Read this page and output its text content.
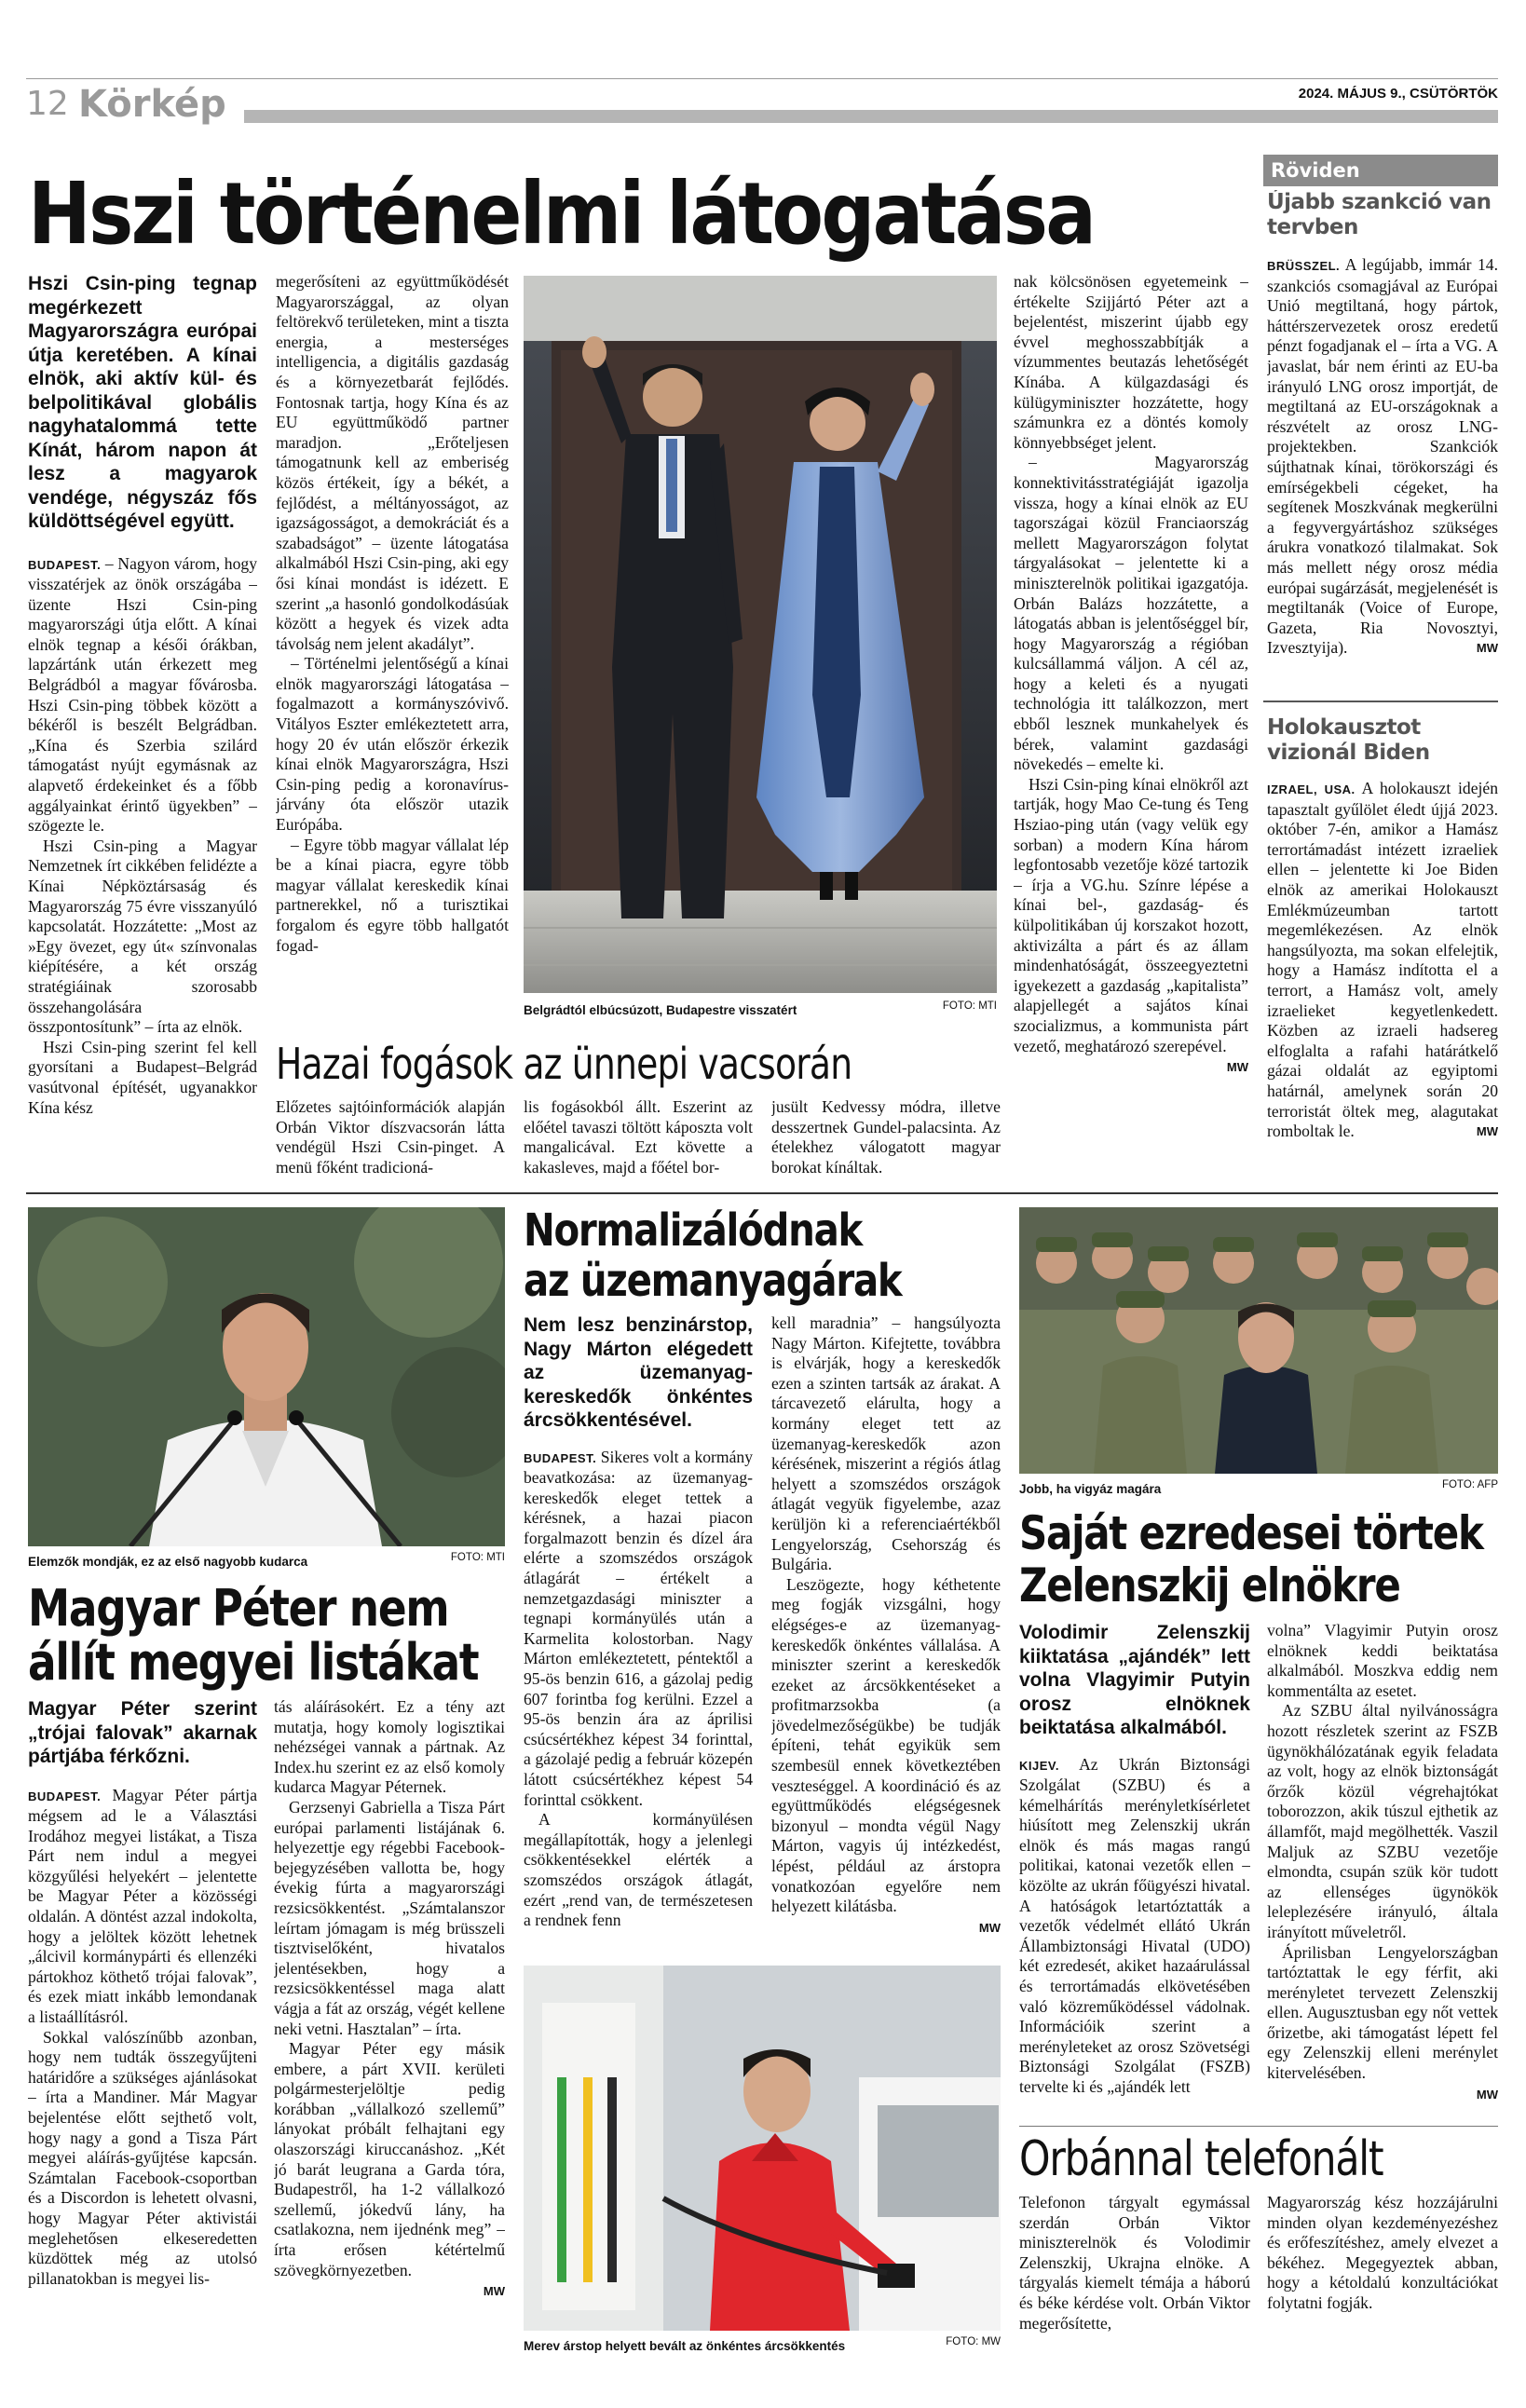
12 Körkép	2024. MÁJUS 9., CSÜTÖRTÖK
Hszi történelmi látogatása
Hszi Csin-ping tegnap megérkezett Magyarországra európai útja keretében. A kínai elnök, aki aktív kül- és belpolitikával globális nagyhatalommá tette Kínát, három napon át lesz a magyarok vendége, négyszáz fős küldöttségével együtt.

BUDAPEST. – Nagyon várom, hogy visszatérjek az önök országába – üzente Hszi Csin-ping magyarországi útja előtt. A kínai elnök tegnap a késői órákban, lapzártánk után érkezett meg Belgrádból a magyar fővárosba. Hszi Csin-ping többek között a békéről is beszélt Belgrádban. „Kína és Szerbia szilárd támogatást nyújt egymásnak az alapvető érdekeinket és a főbb aggályainkat érintő ügyekben” – szögezte le.

Hszi Csin-ping a Magyar Nemzetnek írt cikkében felidézte a Kínai Népköztársaság és Magyarország 75 évre visszanyúló kapcsolatát. Hozzátette: „Most az »Egy övezet, egy út« színvonalas kiépítésére, a két ország stratégiáinak szorosabb összehangolására összpontosítunk” – írta az elnök.

Hszi Csin-ping szerint fel kell gyorsítani a Budapest–Belgrád vasútvonal építését, ugyanakkor Kína kész

megerősíteni az együttműködését Magyarországgal, az olyan feltörekvő területeken, mint a tiszta energia, a mesterséges intelligencia, a digitális gazdaság és a környezetbarát fejlődés. Fontosnak tartja, hogy Kína és az EU együttműködő partner maradjon. „Erőteljesen támogatnunk kell az emberiség közös értékeit, így a békét, a fejlődést, a méltányosságot, az igazságosságot, a demokráciát és a szabadságot” – üzente látogatása alkalmából Hszi Csin-ping, aki egy ősi kínai mondást is idézett. E szerint „a hasonló gondolkodásúak között a hegyek és vizek adta távolság nem jelent akadályt”.

– Történelmi jelentőségű a kínai elnök magyarországi látogatása – fogalmazott a kormányszóvivő. Vitályos Eszter emlékeztetett arra, hogy 20 év után először érkezik kínai elnök Magyarországra, Hszi Csin-ping pedig a koronavírus-járvány óta először utazik Európába.

– Egyre több magyar vállalat lép be a kínai piacra, egyre több magyar vállalat kereskedik kínai partnerekkel, nő a turisztikai forgalom és egyre több hallgatót fogad-

Belgrádtól elbúcsúzott, Budapestre visszatért	FOTÓ: MTI

nak kölcsönösen egyetemeink – értékelte Szijjártó Péter azt a bejelentést, miszerint újabb egy évvel meghosszabbítják a vízummentes beutazás lehetőségét Kínába. A külgazdasági és külügyminiszter hozzátette, hogy számunkra ez a döntés komoly könnyebbséget jelent.

– Magyarország konnektivitásstratégiáját igazolja vissza, hogy a kínai elnök az EU tagországai közül Franciaország mellett Magyarországon folytat tárgyalásokat – jelentette ki a miniszterelnök politikai igazgatója. Orbán Balázs hozzátette, a látogatás abban is jelentőséggel bír, hogy Magyarország a régióban kulcsállammá váljon. A cél az, hogy a keleti és a nyugati technológia itt találkozzon, mert ebből lesznek munkahelyek és bérek, valamint gazdasági növekedés – emelte ki.

Hszi Csin-ping kínai elnökről azt tartják, hogy Mao Ce-tung és Teng Hsziao-ping után (vagy velük egy sorban) a modern Kína három legfontosabb vezetője közé tartozik – írja a VG.hu. Színre lépése a kínai bel-, gazdaság- és külpolitikában új korszakot hozott, aktivizálta a párt és az állam mindenhatóságát, összeegyeztetni igyekezett a gazdaság „kapitalista” alapjellegét a sajátos kínai szocializmus, a kommunista párt vezető, meghatározó szerepével.

MW
Hazai fogások az ünnepi vacsorán

Előzetes sajtóinformációk alapján Orbán Viktor díszvacsorán látta vendégül Hszi Csin-pinget. A menü főként tradicioná-

lis fogásokból állt. Eszerint az előétel tavaszi töltött káposzta volt mangalicával. Ezt követte a kakasleves, majd a főétel bor-

jusült Kedvessy módra, illetve desszertnek Gundel-palacsinta. Az ételekhez válogatott magyar borokat kínáltak.

Röviden
Újabb szankció van tervben

BRÜSSZEL. A legújabb, immár 14. szankciós csomagjával az Európai Unió megtiltaná, hogy pártok, háttérszervezetek orosz eredetű pénzt fogadjanak el – írta a VG. A javaslat, bár nem érinti az EU-ba irányuló LNG orosz importját, de megtiltaná az EU-országoknak a részvételt az orosz LNG-projektekben. Szankciók sújthatnak kínai, törökországi és emírségekbeli cégeket, ha segítenek Moszkvának megkerülni a fegyvergyártáshoz szükséges árukra vonatkozó tilalmakat. Sok más mellett négy orosz média európai sugárzását, megjelenését is megtiltanák (Voice of Europe, Gazeta, Ria Novosztyi, Izvesztyija).	MW

Holokausztot vizionál Biden

IZRAEL, USA. A holokauszt idején tapasztalt gyűlölet éledt újjá 2023. október 7-én, amikor a Hamász terrortámadást intézett izraeliek ellen – jelentette ki Joe Biden elnök az amerikai Holokauszt Emlékmúzeumban tartott megemlékezésen. Az elnök hangsúlyozta, ma sokan elfelejtik, hogy a Hamász indította el a terrort, a Hamász volt, amely izraelieket kegyetlenkedett. Közben az izraeli hadsereg elfoglalta a rafahi határátkelő gázai oldalát az egyiptomi határnál, amelynek során 20 terroristát öltek meg, alagutakat romboltak le.	MW

Elemzők mondják, ez az első nagyobb kudarca	FOTÓ: MTI
Magyar Péter nem
állít megyei listákat
Magyar Péter szerint „trójai falovak” akarnak pártjába férkőzni.

BUDAPEST. Magyar Péter pártja mégsem ad le a Választási Irodához megyei listákat, a Tisza Párt nem indul a megyei közgyűlési helyekért – jelentette be Magyar Péter a közösségi oldalán. A döntést azzal indokolta, hogy a jelöltek között lehetnek „álcivil kormánypárti és ellenzéki pártokhoz köthető trójai falovak”, és ezek miatt inkább lemondanak a listaállításról.

Sokkal valószínűbb azonban, hogy nem tudták összegyűjteni határidőre a szükséges ajánlásokat – írta a Mandiner. Már Magyar bejelentése előtt sejthető volt, hogy nagy a gond a Tisza Párt megyei aláírás-gyűjtése kapcsán. Számtalan Facebook-csoportban és a Discordon is lehetett olvasni, hogy Magyar Péter aktivistái meglehetősen elkeseredetten küzdöttek még az utolsó pillanatokban is megyei lis-

tás aláírásokért. Ez a tény azt mutatja, hogy komoly logisztikai nehézségei vannak a pártnak. Az Index.hu szerint ez az első komoly kudarca Magyar Péternek.

Gerzsenyi Gabriella a Tisza Párt európai parlamenti listájának 6. helyezettje egy régebbi Facebook-bejegyzésében vallotta be, hogy évekig fúrta a magyarországi rezsicsökkentést. „Számtalanszor leírtam jómagam is még brüsszeli tisztviselőként, hivatalos jelentésekben, hogy a rezsicsökkentéssel maga alatt vágja a fát az ország, végét kellene neki vetni. Hasztalan” – írta.

Magyar Péter egy másik embere, a párt XVII. kerületi polgármesterjelöltje pedig korábban „vállalkozó szellemű” lányokat próbált felhajtani egy olaszországi kiruccanáshoz. „Két jó barát leugrana a Garda tóra, Budapestről, ha 1-2 vállalkozó szellemű, jókedvű lány, ha csatlakozna, nem ijednénk meg” – írta erősen kétértelmű szövegkörnyezetben.

MW
Normalizálódnak
az üzemanyagárak
Nem lesz benzinárstop, Nagy Márton elégedett az üzemanyag-kereskedők önkéntes árcsökkentésével.

BUDAPEST. Sikeres volt a kormány beavatkozása: az üzemanyag-kereskedők eleget tettek a kérésnek, a hazai piacon forgalmazott benzin és dízel ára elérte a szomszédos országok átlagárát – értékelt a nemzetgazdasági miniszter a tegnapi kormányülés után a Karmelita kolostorban. Nagy Márton emlékeztetett, péntektől a 95-ös benzin 616, a gázolaj pedig 607 forintba fog kerülni. Ezzel a 95-ös benzin ára az áprilisi csúcsértékhez képest 34 forinttal, a gázolajé pedig a február közepén látott csúcsértékhez képest 54 forinttal csökkent.

A kormányülésen megállapították, hogy a jelenlegi csökkentésekkel elérték a szomszédos országok átlagát, ezért „rend van, de természetesen a rendnek fenn

kell maradnia” – hangsúlyozta Nagy Márton. Kifejtette, továbbra is elvárják, hogy a kereskedők ezen a szinten tartsák az árakat. A tárcavezető elárulta, hogy a kormány eleget tett az üzemanyag-kereskedők azon kérésének, miszerint a régiós átlag helyett a szomszédos országok átlagát vegyük figyelembe, azaz kerüljön ki a referenciaértékből Lengyelország, Csehország és Bulgária.

Leszögezte, hogy kéthetente meg fogják vizsgálni, hogy elégséges-e az üzemanyag-kereskedők önkéntes vállalása. A miniszter szerint a kereskedők ezeket az árcsökkentéseket a profitmarzsokba (a jövedelmezőségükbe) be tudják építeni, tehát egyikük sem szembesül ennek következtében veszteséggel. A koordináció és az együttműködés elégségesnek bizonyul – mondta végül Nagy Márton, vagyis új intézkedést, lépést, például az árstopra vonatkozóan egyelőre nem helyezett kilátásba.

MW
Merev árstop helyett bevált az önkéntes árcsökkentés	FOTÓ: MW
Jobb, ha vigyáz magára	FOTÓ: AFP
Saját ezredesei törtek
Zelenszkij elnökre
Volodimir Zelenszkij kiiktatása „ajándék” lett volna Vlagyimir Putyin orosz elnöknek beiktatása alkalmából.

KIJEV. Az Ukrán Biztonsági Szolgálat (SZBU) és a kémelhárítás merényletkísérletet hiúsított meg Zelenszkij ukrán elnök és más magas rangú politikai, katonai vezetők ellen – közölte az ukrán főügyészi hivatal. A hatóságok letartóztatták a vezetők védelmét ellátó Ukrán Állambiztonsági Hivatal (UDO) két ezredesét, akiket hazaárulással és terrortámadás elkövetésében való közreműködéssel vádolnak. Információik szerint a merényleteket az orosz Szövetségi Biztonsági Szolgálat (FSZB) tervelte ki és „ajándék lett

volna” Vlagyimir Putyin orosz elnöknek keddi beiktatása alkalmából. Moszkva eddig nem kommentálta az esetet.

Az SZBU által nyilvánosságra hozott részletek szerint az FSZB ügynökhálózatának egyik feladata az volt, hogy az elnök biztonságát őrzők közül végrehajtókat toborozzon, akik túszul ejthetik az államfőt, majd megölhették. Vaszil Maljuk az SZBU vezetője elmondta, csupán szük kör tudott az ellenséges ügynökök leleplezésére irányuló, általa irányított műveletről.

Áprilisban Lengyelországban tartóztattak le egy férfit, aki merényletet tervezett Zelenszkij ellen. Augusztusban egy nőt vettek őrizetbe, aki támogatást lépett fel egy Zelenszkij elleni merénylet kitervelésében.

MW
Orbánnal telefonált

Telefonon tárgyalt egymással szerdán Orbán Viktor miniszterelnök és Volodimir Zelenszkij, Ukrajna elnöke. A tárgyalás kiemelt témája a háború és béke kérdése volt. Orbán Viktor megerősítette,

Magyarország kész hozzájárulni minden olyan kezdeményezéshez és erőfeszítéshez, amely elvezet a békéhez. Megegyeztek abban, hogy a kétoldalú konzultációkat folytatni fogják.
